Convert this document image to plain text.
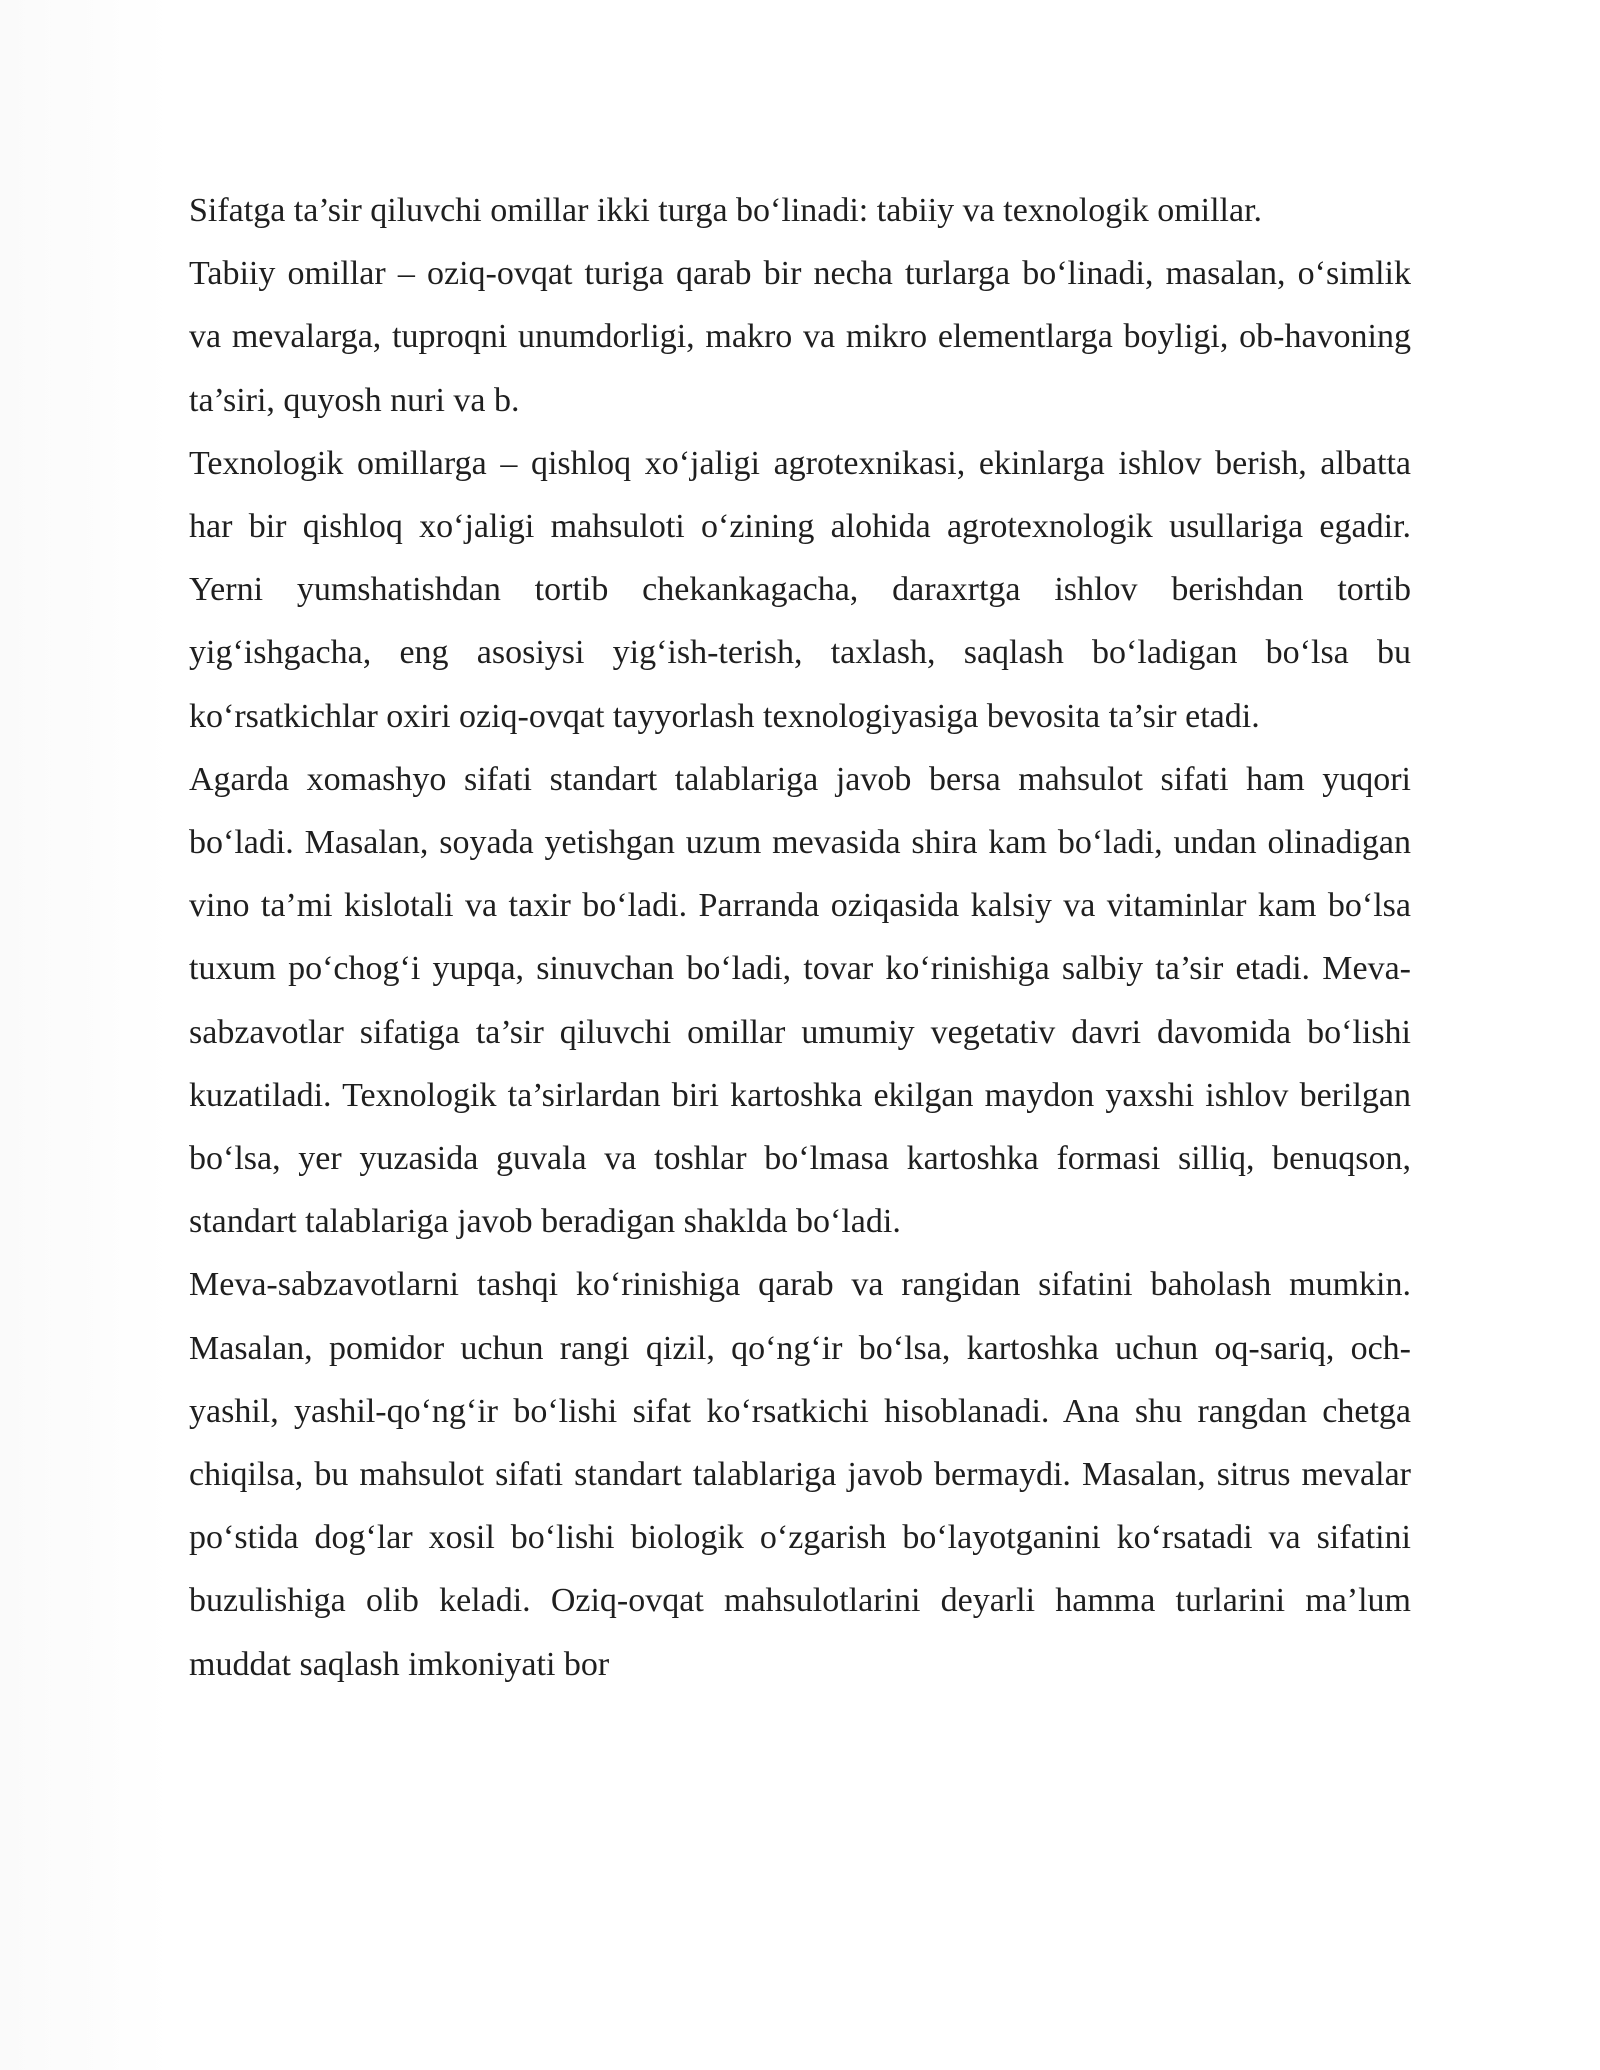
Sifatga ta’sir qiluvchi omillar ikki turga bo‘linadi: tabiiy va texnologik omillar.

Tabiiy omillar – oziq-ovqat turiga qarab bir necha turlarga bo‘linadi, masalan, o‘simlik va mevalarga, tuproqni unumdorligi, makro va mikro elementlarga boyligi, ob-havoning ta’siri, quyosh nuri va b.

Texnologik omillarga – qishloq xo‘jaligi agrotexnikasi, ekinlarga ishlov berish, albatta har bir qishloq xo‘jaligi mahsuloti o‘zining alohida agrotexnologik usullariga egadir. Yerni yumshatishdan tortib chekankagacha, daraxrtga ishlov berishdan tortib yig‘ishgacha, eng asosiysi yig‘ish-terish, taxlash, saqlash bo‘ladigan bo‘lsa bu ko‘rsatkichlar oxiri oziq-ovqat tayyorlash texnologiyasiga bevosita ta’sir etadi.

Agarda xomashyo sifati standart talablariga javob bersa mahsulot sifati ham yuqori bo‘ladi. Masalan, soyada yetishgan uzum mevasida shira kam bo‘ladi, undan olinadigan vino ta’mi kislotali va taxir bo‘ladi. Parranda oziqasida kalsiy va vitaminlar kam bo‘lsa tuxum po‘chog‘i yupqa, sinuvchan bo‘ladi, tovar ko‘rinishiga salbiy ta’sir etadi. Meva-sabzavotlar sifatiga ta’sir qiluvchi omillar umumiy vegetativ davri davomida bo‘lishi kuzatiladi. Texnologik ta’sirlardan biri kartoshka ekilgan maydon yaxshi ishlov berilgan bo‘lsa, yer yuzasida guvala va toshlar bo‘lmasa kartoshka formasi silliq, benuqson, standart talablariga javob beradigan shaklda bo‘ladi.

Meva-sabzavotlarni tashqi ko‘rinishiga qarab va rangidan sifatini baholash mumkin. Masalan, pomidor uchun rangi qizil, qo‘ng‘ir bo‘lsa, kartoshka uchun oq-sariq, och-yashil, yashil-qo‘ng‘ir bo‘lishi sifat ko‘rsatkichi hisoblanadi. Ana shu rangdan chetga chiqilsa, bu mahsulot sifati standart talablariga javob bermaydi. Masalan, sitrus mevalar po‘stida dog‘lar xosil bo‘lishi biologik o‘zgarish bo‘layotganini ko‘rsatadi va sifatini buzulishiga olib keladi. Oziq-ovqat mahsulotlarini deyarli hamma turlarini ma’lum muddat saqlash imkoniyati bor
